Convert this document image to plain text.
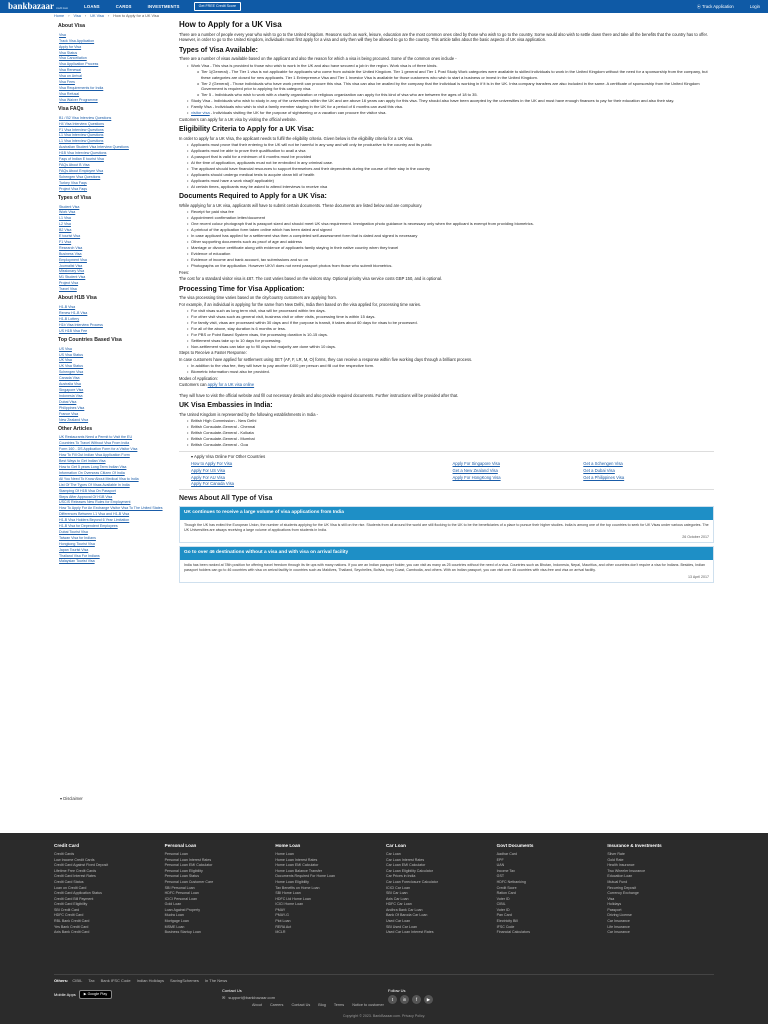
bankbazaar credit karo	LOANS	CARDS	INVESTMENTS	Get FREE Credit Score	⦿ Track Application	Login
Home › Visa › UK Visa › How to Apply for a UK Visa
About Visa
Visa
Track Visa Application
Apply for Visa
Visa Status
Visa Cancellation
Visa Application Process
Visa Renewal
Visa on Arrival
Visa Fees
Visa Requirements for India
Visa Refusal
Visa Waiver Programme
Visa FAQs
B1 / B2 Visa Interview Questions
H4 Visa Interview Questions
F1 Visa Interview Questions
L1 Visa Interview Questions
L1 Visa Interview Questions
Australian Student Visa Interview Questions
H1B Visa Interview Questions
Faqs of Indian E tourist Visa
FAQs About B Visa
FAQs About Employee Visa
Schengen Visa Questions
Turkey Visa Faqs
Project Visa Faqs
Types of Visa
Student Visa
Work Visa
L1 Visa
L2 Visa
B2 Visa
E tourist Visa
F1 Visa
Research Visa
Business Visa
Employment Visa
Journalist Visa
Missionary Visa
M1 Student Visa
Project Visa
Travel Visa
About H1B Visa
H1-B Visa
Renew H1-B Visa
H1-B Lottery
H1b Visa Interview Process
US H1B Visa Fee
Top Countries Based Visa
US Visa
US Visa Status
UK Visa
UK Visa Status
Schengen Visa
Canada Visa
Australia Visa
Singapore Visa
Indonesia Visa
Dubai Visa
Philippines Visa
France Visa
New Zealand Visa
Other Articles
UK Restaurants Need a Permit to Visit the EU
Countries To Travel Without Visa From India
Form 160 - DS Application Form for a Visitor Visa
How To Fill Out Indian Visa Application Form
Best Ways to Get Indian Visa
How to Get 5 years Long Term Indian Visa
Information On Overseas Citizen Of India
All You Need To Know About Medical Visa to India
List Of The Types Of Visas Available In India
Stamping Of H1B Visa On Passport
Steps After Approval Of H1B Visa
USCIS Releases New Rules for Employment
How To Apply For An Exchange Visitor Visa To The United States
Differences Between L1 Visa and H1-B Visa
H1-B Visa Holders Beyond 6 Year Limitation
H1-B Visa for Dependent Employees
Dubai Tourist Visa
Taiwan Visa for Indians
Hongkong Tourist Visa
Japan Tourist Visa
Thailand Visa For Indians
Malaysian Tourist Visa
How to Apply for a UK Visa

There are a number of people every year who wish to go to the United Kingdom. Reasons such as work, leisure, education are the most common ones cited by those who wish to go to the country. Some would also wish to settle down there and take all the benefits that the country has to offer. However, in order to go to the United Kingdom, individuals must first apply for a visa and only then will they be allowed to go to the country. This article talks about the basic aspects of UK visa application.

Types of Visa Available:

There are a number of visas available based on the applicant and also the reason for which a visa is being procured. Some of the common ones include -

• Work Visa - This visa is provided to those who wish to work in the UK and also have secured a job in the region. Work visa is of three kinds.
o Tier 1(General) - The Tier 1 visa is not applicable for applicants who come from outside the United Kingdom. Tier 1 general and Tier 1 Post Study Work categories were available to skilled individuals to work in the United Kingdom without the need for a sponsorship from the company, but these categories are closed for new applicants. Tier 1 Entrepreneur Visa and Tier 1 Investor Visa is available for those customers who wish to start a business or invest in the United Kingdom.
o Tier 2 (General) - Those individuals who have work permit can procure this visa. This visa can also be availed by the company that the individual is working in if it is in the UK. Intra company transfers are also included in the same. A certificate of sponsorship from the United Kingdom Government is required prior to applying for this category visa.
o Tier 5 - Individuals who wish to work with a charity organization or religious organization can apply for this kind of visa who are between the ages of 18 to 35.
• Study Visa - Individuals who wish to study in any of the universities within the UK and are above 16 years can apply for this visa. They should also have been accepted by the universities in the UK and must have enough finances to pay for their education and also their stay.
• Family Visa - Individuals who wish to visit a family member staying in the UK for a period of 6 months can avail this visa.
• visitor visa - Individuals visiting the UK for the purpose of sightseeing or a vacation can procure the visitor visa.

Customers can apply for a UK visa by visiting the official website.

Eligibility Criteria to Apply for a UK Visa:

In order to apply for a UK Visa, the applicant needs to fulfil the eligibility criteria. Given below is the eligibility criteria for a UK Visa.

• Applicants must prove that their entering to the UK will not be harmful in any way and will only be productive to the country and its public
• Applicants must be able to prove their qualification to avail a visa
• A passport that is valid for a minimum of 6 months must be provided
• At the time of application, applicants must not be embroiled in any criminal case.
• The applicant should have financial resources to support themselves and their dependents during the course of their stay in the country
• Applicants should undergo medical tests to acquire clean bill of health
• Applicants must have a work visa(if applicable)
• At certain times, applicants may be asked to attend interviews to receive visa
Documents Required to Apply for a UK Visa:

While applying for a UK visa, applicants will have to submit certain documents. These documents are listed below and are compulsory.

• Receipt for paid visa fee
• Appointment confirmation letter/document
• One recent colour photograph that is passport sized and should meet UK visa requirement. Immigration photo guidance is necessary only when the applicant is exempt from providing biometrics.
• A printout of the application form taken online which has been dated and signed
• In case applicant has applied for a settlement visa then a completed self-assessment form that is dated and signed is necessary
• Other supporting documents such as proof of age and address
• Marriage or divorce certificate along with evidence of applicants family staying in their native country when they travel
• Evidence of education
• Evidence of income and bank account, tax submissions and so on
• Photographs on the application. However UKVI does not need passport photos from those who submit biometrics.

Fees:

The cost for a standard visitor visa is £87. The cost varies based on the visitors stay. Optional priority visa service costs GBP 150, and is optional.

Processing Time for Visa Application:

The visa processing time varies based on the city/country customers are applying from.

For example, if an individual is applying for the same from New Delhi, India then based on the visa applied for, processing time varies.

• For visit visas such as long term visit, visa will be processed within ten days.
• For other visit visas such as general visit, business visit or other visits, processing time is within 15 days.
• For family visit, visas are processed within 30 days and if the purpose is transit, it takes about 60 days for visas to be processed.
• For all of the above, stay duration is 6 months or less.
• For PBS or Point Based System visas, the processing duration is 10-15 days.
• Settlement visas take up to 10 days for processing.
• Non-settlement visas can take up to 90 days but majority are done within 10 days.

Steps to Receive a Faster Response:

In case customers have applied for settlement using SET (AF, F, LR, M, O) forms, they can receive a response within five working days through a brilliant process.

• In addition to the visa fee, they will have to pay another £400 per person and fill out the respective form.
• Biometric information must also be provided.

Modes of Application:

Customers can apply for a UK visa online

They will have to visit the official website and fill out necessary details and also provide required documents. Further instructions will be provided after that.

UK Visa Embassies in India:

The United Kingdom is represented by the following establishments in India -

• British High Commission - New Delhi
• British Consulate-General - Chennai
• British Consulate-General - Kolkata
• British Consulate-General - Mumbai
• British Consulate-General - Goa
▾ Apply Visa Online For Other Countries
How to Apply For Visa	Apply For Singapore Visa	Get a Schengen Visa
Apply For US Visa	Get a New Zealand Visa	Get a Dubai Visa
Apply For AU Visa	Apply For HongKong Visa	Get a Philippines Visa
Apply For Canada Visa
News About All Type of Visa
UK continues to receive a large volume of visa applications from India
Though the UK has exited the European Union, the number of students applying for the UK Visa is still on the rise. Students from all around the world are still flocking to the UK to be the beneficiaries of a place to pursue their higher studies. India is among one of the top countries to seek for UK Visas under various categories. The UK Universities are always receiving a large volume of applications from students in India.
26 October 2017
Go to over 46 destinations without a visa and with visa on arrival facility
India has been ranked at 78th position for offering travel freedom through its tie ups with many nations. If you are an Indian passport holder, you can visit as many as 25 countries without the need of a visa. Countries such as Bhutan, Indonesia, Nepal, Mauritius, and other countries don't require a visa for Indians. Besides, Indian passport holders can go to 46 countries with visa on arrival facility in countries such as Maldives, Thailand, Seychelles, Bolivia, Ivory Coast, Cambodia, and others. With an Indian passport, you can visit over 46 countries with visa-free and visa on arrival facility.
13 April 2017
▾ Disclaimer
Credit Card
Credit Cards
Low Income Credit Cards
Credit Card Against Fixed Deposit
Lifetime Free Credit Cards
Credit Card Interest Rates
Credit Card Status
Loan on Credit Card
Credit Card Application Status
Credit Card Bill Payment
Credit Card Eligibility
SBI Credit Card
HDFC Credit Card
RBL Bank Credit Card
Yes Bank Credit Card
Axis Bank Credit Card
Personal Loan
Personal Loan
Personal Loan Interest Rates
Personal Loan EMI Calculator
Personal Loan Eligibility
Personal Loan Status
Personal Loan Customer Care
SBI Personal Loan
HDFC Personal Loan
ICICI Personal Loan
Gold Loan
Loan Against Property
Mudra Loan
Mortgage Loan
MSME Loan
Business Startup Loan
Home Loan
Home Loan
Home Loan Interest Rates
Home Loan EMI Calculator
Home Loan Balance Transfer
Documents Required For Home Loan
Home Loan Eligibility
Tax Benefits on Home Loan
SBI Home Loan
HDFC Ltd Home Loan
ICICI Home Loan
PMAY
PMAY-G
Plot Loan
RERA Act
MCLR
Car Loan
Car Loan
Car Loan Interest Rates
Car Loan EMI Calculator
Car Loan Eligibility Calculator
Car Prices in India
Car Loan Foreclosure Calculator
ICICI Car Loan
SBI Car Loan
Axis Car Loan
HDFC Car Loan
Andhra Bank Car Loan
Bank Of Baroda Car Loan
Used Car Loan
SBI Used Car Loan
Used Car Loan Interest Rates
Govt Documents
Aadhar Card
EPF
UAN
Income Tax
GST
HDFC Netbanking
Credit Score
Ration Card
Voter ID
CIBIL
Voter ID
Pan Card
Electricity Bill
IFSC Code
Financial Calculators
Insurance & Investments
Silver Rate
Gold Rate
Health Insurance
Two Wheeler Insurance
Education Loan
Mutual Fund
Recurring Deposit
Currency Exchange
Visa
Holidays
Passport
Driving License
Car Insurance
Life Insurance
Car Insurance
Others: CIBIL Tax Bank IFSC Code Indian Holidays SavingSchemes In The News
Mobile Apps	▶ Google Play
Contact Us
✉ support@bankbazaar.com
Follow Us
t	in	f	▶
About Careers Contact Us Blog Terms Notice to customer
Copyright © 2023. BankBazaar.com. Privacy Policy.
